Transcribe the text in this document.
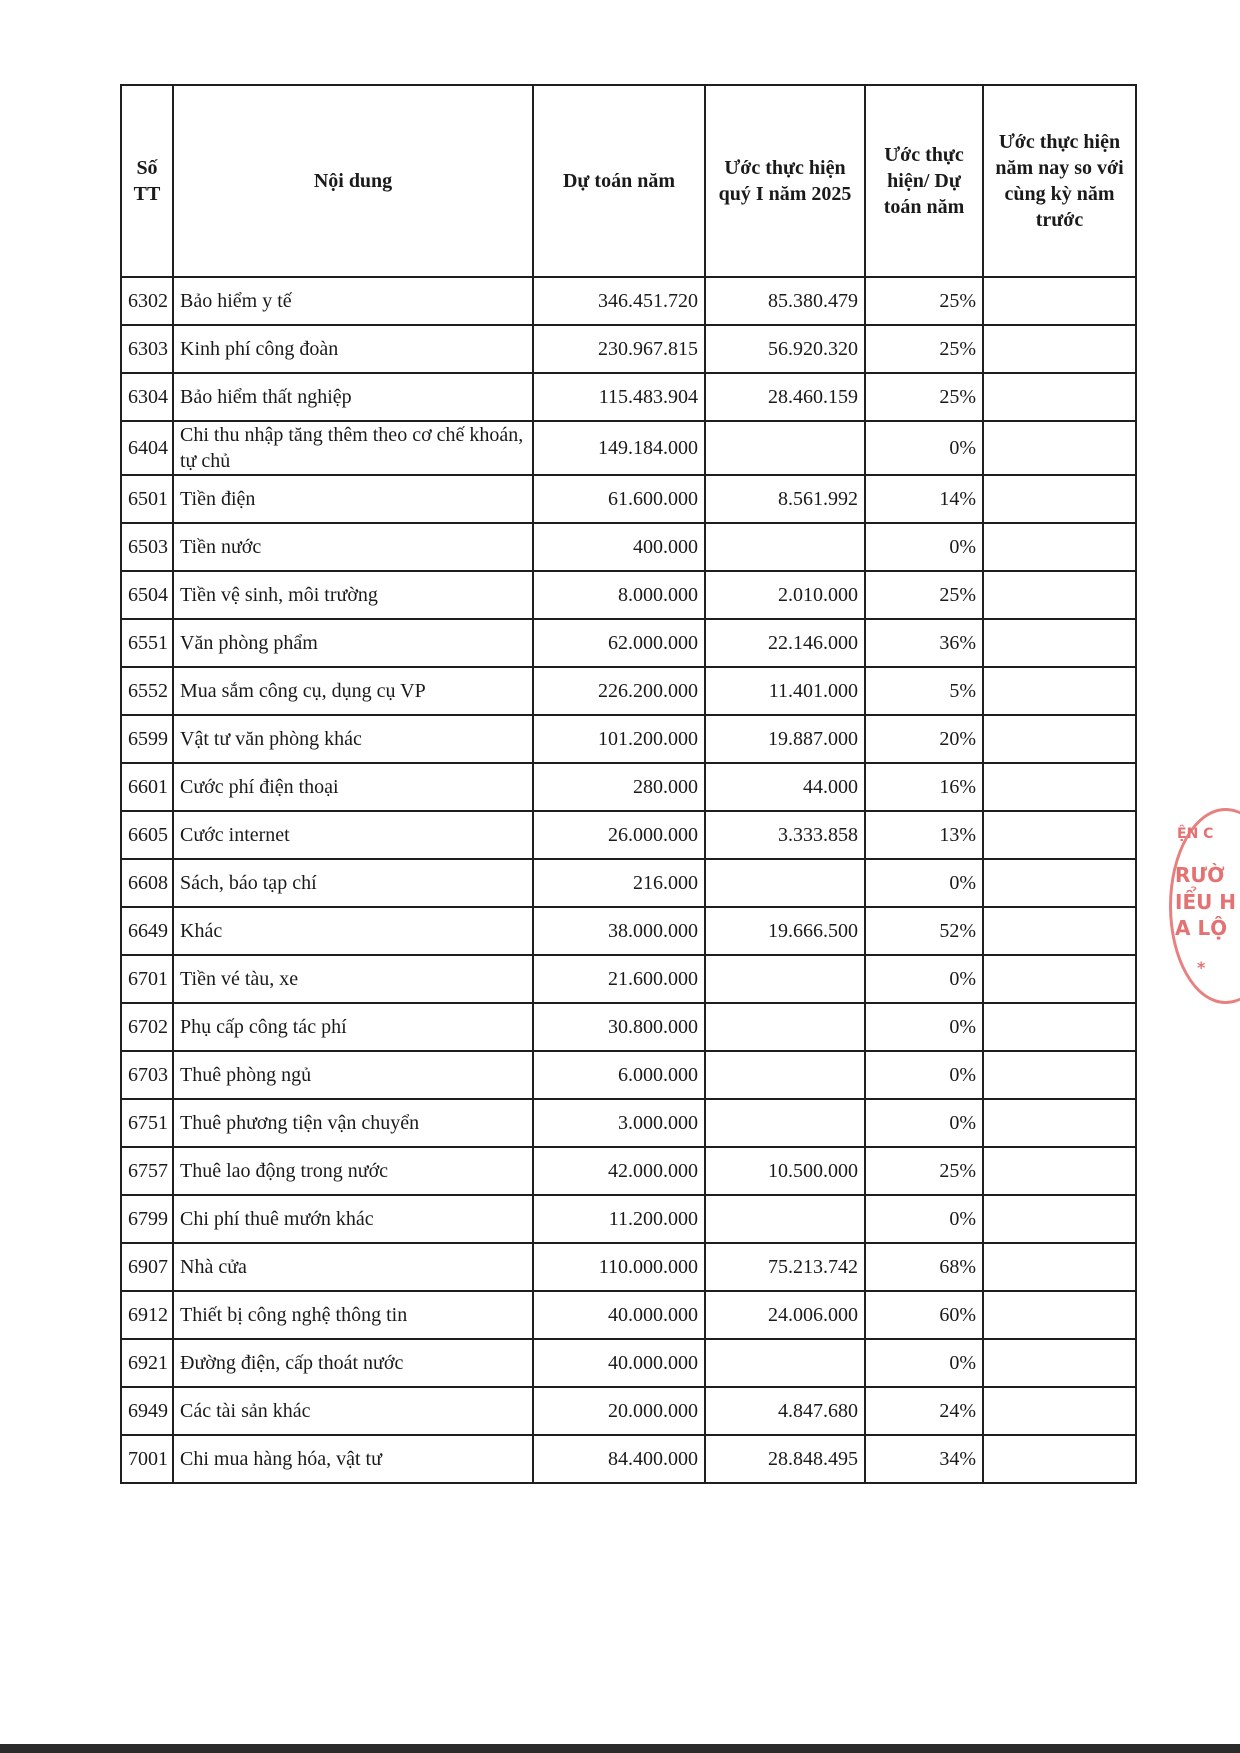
Số TT	Nội dung	Dự toán năm	Ước thực hiện quý I năm 2025	Ước thực hiện/ Dự toán năm	Ước thực hiện năm nay so với cùng kỳ năm trước
6302	Bảo hiểm y tế	346.451.720	85.380.479	25%	
6303	Kinh phí công đoàn	230.967.815	56.920.320	25%	
6304	Bảo hiểm thất nghiệp	115.483.904	28.460.159	25%	
6404	Chi thu nhập tăng thêm theo cơ chế khoán, tự chủ	149.184.000		0%	
6501	Tiền điện	61.600.000	8.561.992	14%	
6503	Tiền nước	400.000		0%	
6504	Tiền vệ sinh, môi trường	8.000.000	2.010.000	25%	
6551	Văn phòng phẩm	62.000.000	22.146.000	36%	
6552	Mua sắm công cụ, dụng cụ VP	226.200.000	11.401.000	5%	
6599	Vật tư văn phòng khác	101.200.000	19.887.000	20%	
6601	Cước phí điện thoại	280.000	44.000	16%	
6605	Cước internet	26.000.000	3.333.858	13%	
6608	Sách, báo tạp chí	216.000		0%	
6649	Khác	38.000.000	19.666.500	52%	
6701	Tiền vé tàu, xe	21.600.000		0%	
6702	Phụ cấp công tác phí	30.800.000		0%	
6703	Thuê phòng ngủ	6.000.000		0%	
6751	Thuê phương tiện vận chuyển	3.000.000		0%	
6757	Thuê lao động trong nước	42.000.000	10.500.000	25%	
6799	Chi phí thuê mướn khác	11.200.000		0%	
6907	Nhà cửa	110.000.000	75.213.742	68%	
6912	Thiết bị công nghệ thông tin	40.000.000	24.006.000	60%	
6921	Đường điện, cấp thoát nước	40.000.000		0%	
6949	Các tài sản khác	20.000.000	4.847.680	24%	
7001	Chi mua hàng hóa, vật tư	84.400.000	28.848.495	34%	
ỆN C
RƯỜ
IỂU H
A LỘ
*
